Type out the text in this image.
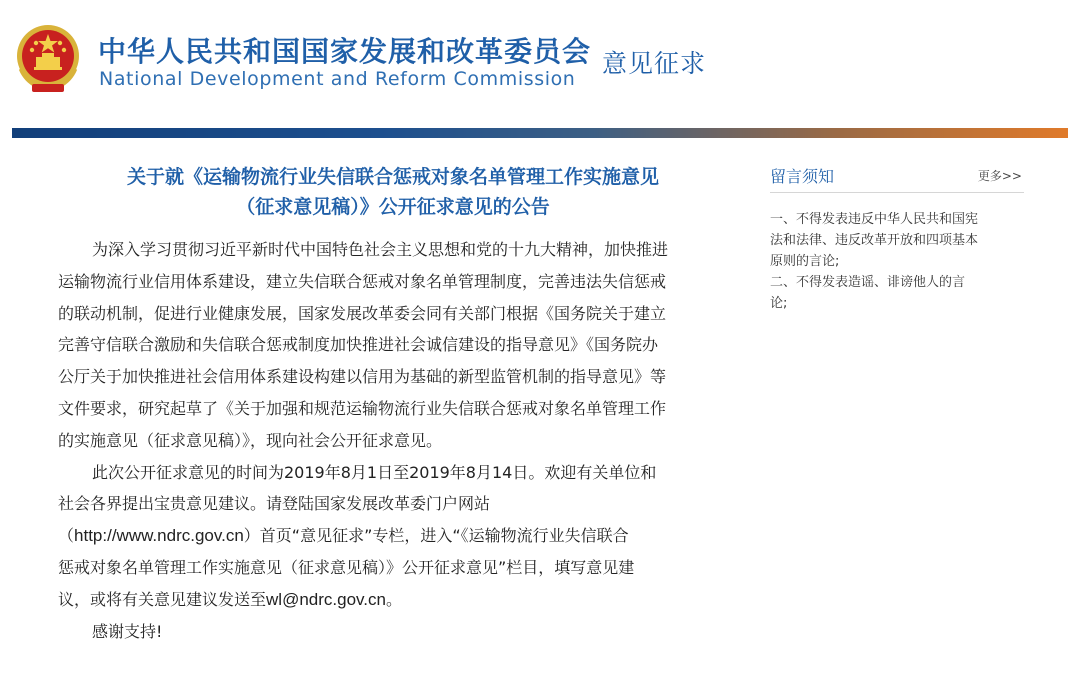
中华人民共和国国家发展和改革委员会
National Development and Reform Commission
意见征求
关于就《运输物流行业失信联合惩戒对象名单管理工作实施意见
（征求意见稿）》公开征求意见的公告
为深入学习贯彻习近平新时代中国特色社会主义思想和党的十九大精神，加快推进
运输物流行业信用体系建设，建立失信联合惩戒对象名单管理制度，完善违法失信惩戒
的联动机制，促进行业健康发展，国家发展改革委会同有关部门根据《国务院关于建立
完善守信联合激励和失信联合惩戒制度加快推进社会诚信建设的指导意见》《国务院办
公厅关于加快推进社会信用体系建设构建以信用为基础的新型监管机制的指导意见》等
文件要求，研究起草了《关于加强和规范运输物流行业失信联合惩戒对象名单管理工作
的实施意见（征求意见稿）》，现向社会公开征求意见。
此次公开征求意见的时间为2019年8月1日至2019年8月14日。欢迎有关单位和
社会各界提出宝贵意见建议。请登陆国家发展改革委门户网站
（http://www.ndrc.gov.cn）首页“意见征求”专栏，进入“《运输物流行业失信联合
惩戒对象名单管理工作实施意见（征求意见稿）》公开征求意见”栏目，填写意见建
议，或将有关意见建议发送至wl@ndrc.gov.cn。
感谢支持!
留言须知	更多>>
一、不得发表违反中华人民共和国宪
法和法律、违反改革开放和四项基本
原则的言论;
二、不得发表造谣、诽谤他人的言
论;
